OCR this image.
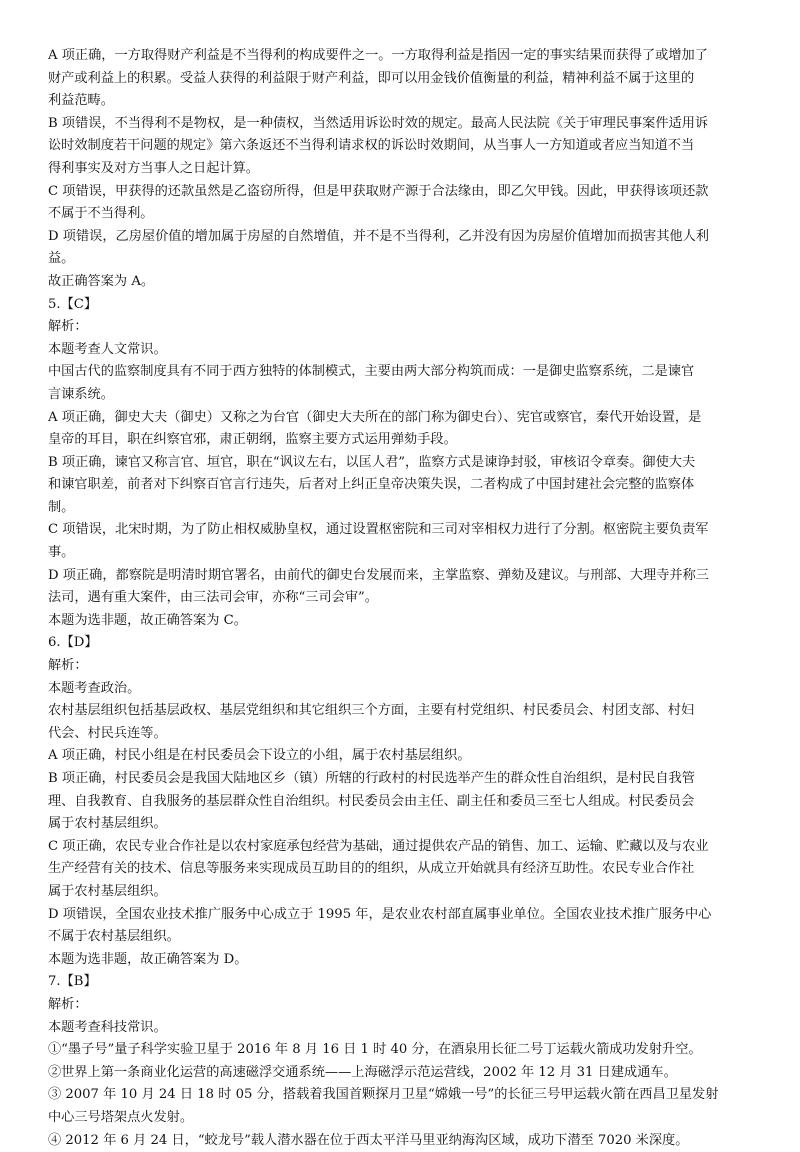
A 项正确，一方取得财产利益是不当得利的构成要件之一。一方取得利益是指因一定的事实结果而获得了或增加了
财产或利益上的积累。受益人获得的利益限于财产利益，即可以用金钱价值衡量的利益，精神利益不属于这里的
利益范畴。
B 项错误，不当得利不是物权，是一种债权，当然适用诉讼时效的规定。最高人民法院《关于审理民事案件适用诉
讼时效制度若干问题的规定》第六条返还不当得利请求权的诉讼时效期间，从当事人一方知道或者应当知道不当
得利事实及对方当事人之日起计算。
C 项错误，甲获得的还款虽然是乙盗窃所得，但是甲获取财产源于合法缘由，即乙欠甲钱。因此，甲获得该项还款
不属于不当得利。
D 项错误，乙房屋价值的增加属于房屋的自然增值，并不是不当得利，乙并没有因为房屋价值增加而损害其他人利
益。
故正确答案为 A。
5.【C】
解析：
本题考查人文常识。
中国古代的监察制度具有不同于西方独特的体制模式，主要由两大部分构筑而成：一是御史监察系统，二是谏官
言谏系统。
A 项正确，御史大夫（御史）又称之为台官（御史大夫所在的部门称为御史台）、宪官或察官，秦代开始设置，是
皇帝的耳目，职在纠察官邪，肃正朝纲，监察主要方式运用弹劾手段。
B 项正确，谏官又称言官、垣官，职在“讽议左右，以匡人君”，监察方式是谏诤封驳，审核诏令章奏。御使大夫
和谏官职差，前者对下纠察百官言行违失，后者对上纠正皇帝决策失误，二者构成了中国封建社会完整的监察体
制。
C 项错误，北宋时期，为了防止相权威胁皇权，通过设置枢密院和三司对宰相权力进行了分割。枢密院主要负责军
事。
D 项正确，都察院是明清时期官署名，由前代的御史台发展而来，主掌监察、弹劾及建议。与刑部、大理寺并称三
法司，遇有重大案件，由三法司会审，亦称“三司会审”。
本题为选非题，故正确答案为 C。
6.【D】
解析：
本题考查政治。
农村基层组织包括基层政权、基层党组织和其它组织三个方面，主要有村党组织、村民委员会、村团支部、村妇
代会、村民兵连等。
A 项正确，村民小组是在村民委员会下设立的小组，属于农村基层组织。
B 项正确，村民委员会是我国大陆地区乡（镇）所辖的行政村的村民选举产生的群众性自治组织，是村民自我管
理、自我教育、自我服务的基层群众性自治组织。村民委员会由主任、副主任和委员三至七人组成。村民委员会
属于农村基层组织。
C 项正确，农民专业合作社是以农村家庭承包经营为基础，通过提供农产品的销售、加工、运输、贮藏以及与农业
生产经营有关的技术、信息等服务来实现成员互助目的的组织，从成立开始就具有经济互助性。农民专业合作社
属于农村基层组织。
D 项错误，全国农业技术推广服务中心成立于 1995 年，是农业农村部直属事业单位。全国农业技术推广服务中心
不属于农村基层组织。
本题为选非题，故正确答案为 D。
7.【B】
解析：
本题考查科技常识。
①“墨子号”量子科学实验卫星于 2016 年 8 月 16 日 1 时 40 分，在酒泉用长征二号丁运载火箭成功发射升空。
②世界上第一条商业化运营的高速磁浮交通系统——上海磁浮示范运营线，2002 年 12 月 31 日建成通车。
③ 2007 年 10 月 24 日 18 时 05 分，搭载着我国首颗探月卫星“嫦娥一号”的长征三号甲运载火箭在西昌卫星发射
中心三号塔架点火发射。
④ 2012 年 6 月 24 日，“蛟龙号”载人潜水器在位于西太平洋马里亚纳海沟区域，成功下潜至 7020 米深度。
